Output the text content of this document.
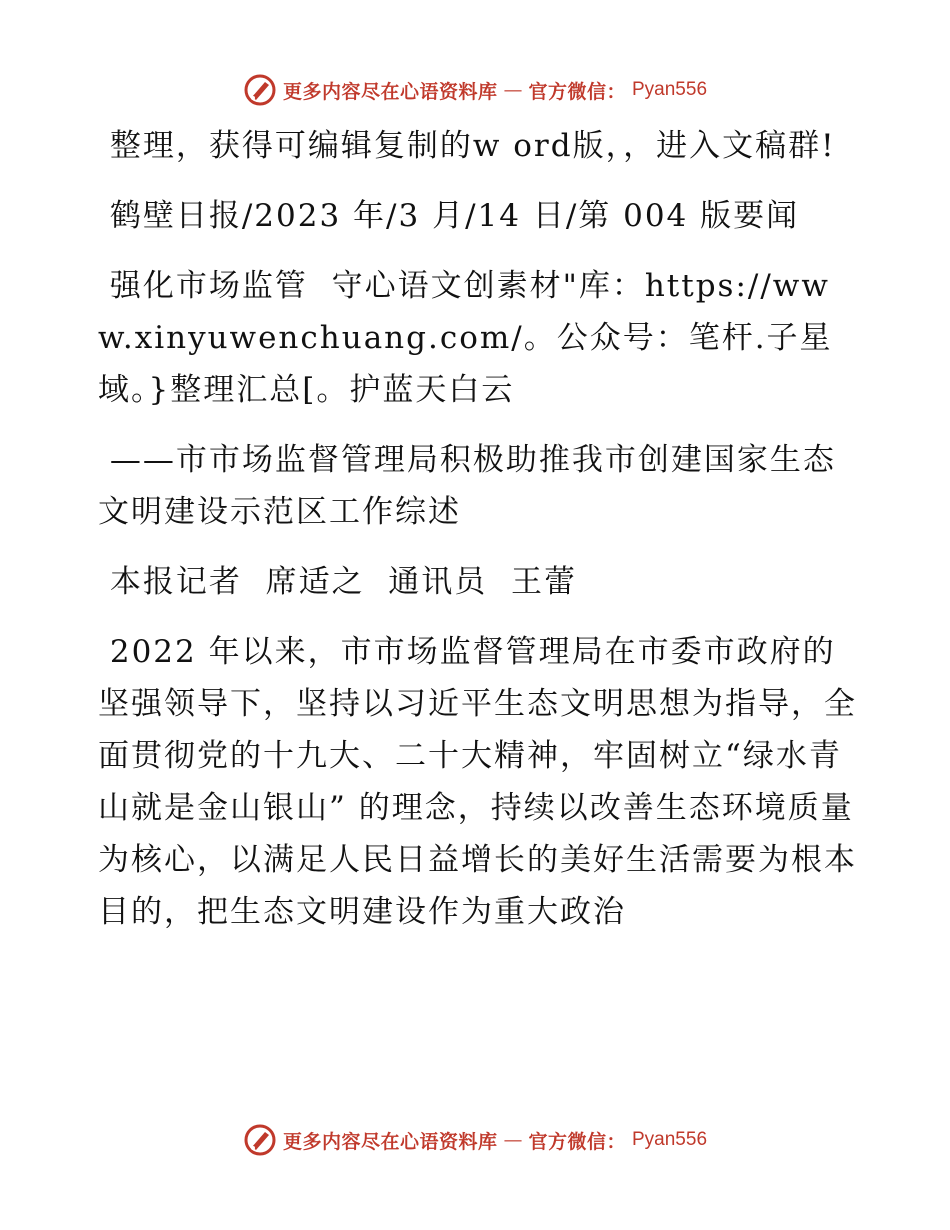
更多内容尽在心语资料库 — 官方微信： Pyan556

整理，获得可编辑复制的w ord版，，进入文稿群!

鹤壁日报/2023 年/3 月/14 日/第 004 版要闻

强化市场监管  守心语文创素材"库：https://www.xinyuwenchuang.com/。公众号：笔杆.子星域。}整理汇总[。护蓝天白云

——市市场监督管理局积极助推我市创建国家生态文明建设示范区工作综述

本报记者  席适之  通讯员  王蕾

2022 年以来，市市场监督管理局在市委市政府的坚强领导下，坚持以习近平生态文明思想为指导，全面贯彻党的十九大、二十大精神，牢固树立“绿水青山就是金山银山” 的理念，持续以改善生态环境质量为核心，以满足人民日益增长的美好生活需要为根本目的，把生态文明建设作为重大政治

更多内容尽在心语资料库 — 官方微信： Pyan556
